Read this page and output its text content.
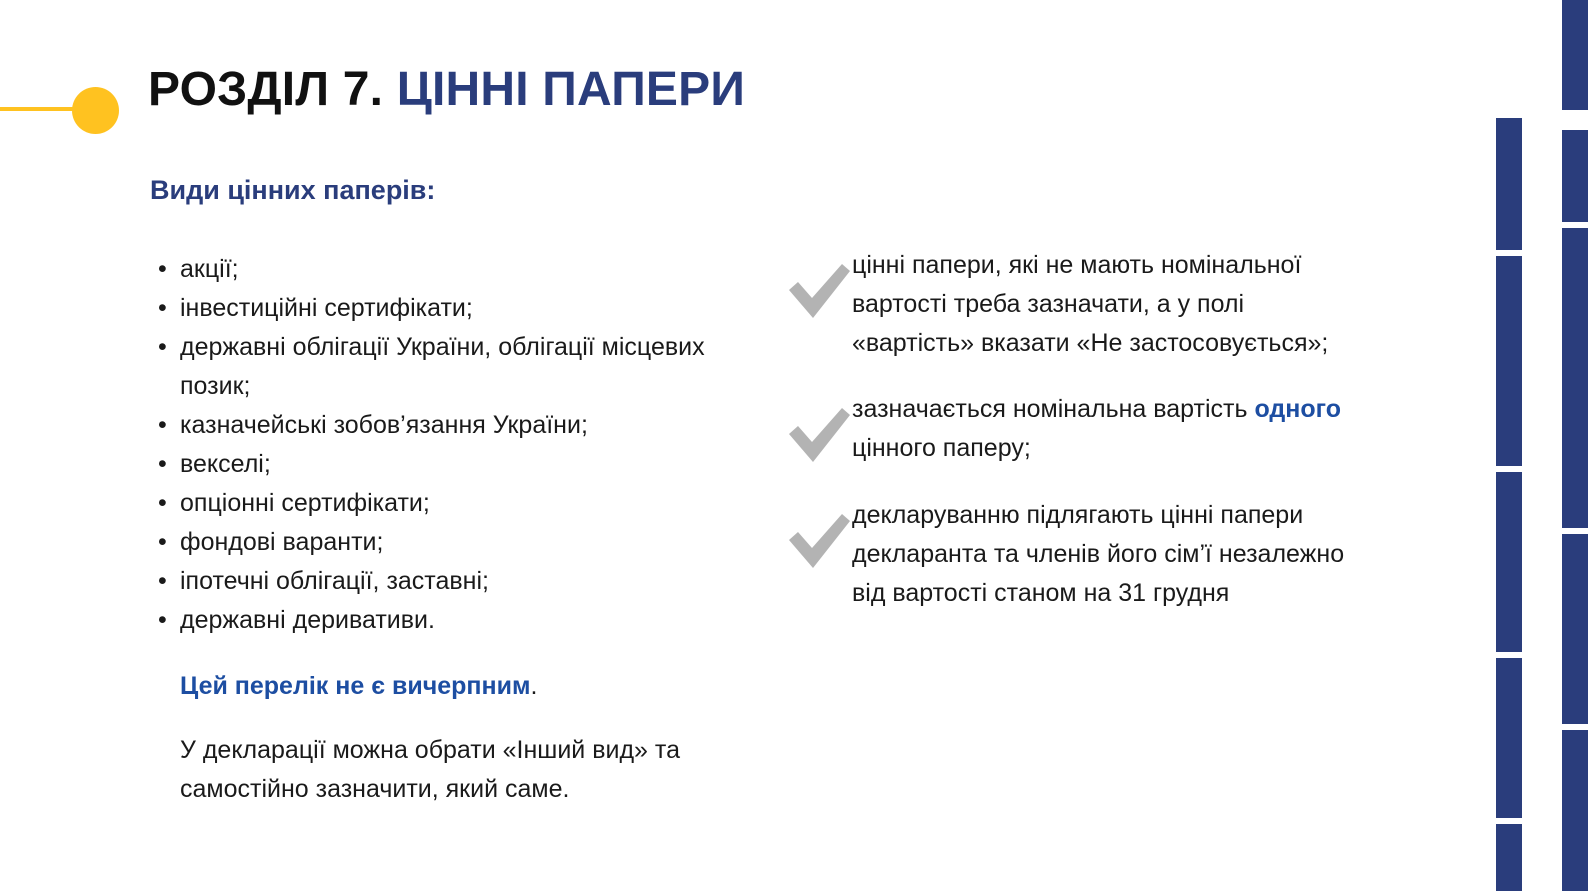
РОЗДІЛ 7. ЦІННІ ПАПЕРИ
Види цінних паперів:
• акції;
• інвестиційні сертифікати;
• державні облігації України, облігації місцевих позик;
• казначейські зобов’язання України;
• векселі;
• опціонні сертифікати;
• фондові варанти;
• іпотечні облігації, заставні;
• державні деривативи.
Цей перелік не є вичерпним.
У декларації можна обрати «Інший вид» та самостійно зазначити, який саме.
цінні папери, які не мають номінальної вартості треба зазначати, а у полі «вартість» вказати «Не застосовується»;
зазначається номінальна вартість одного цінного паперу;
декларуванню підлягають цінні папери декларанта та членів його сім’ї незалежно від вартості станом на 31 грудня
